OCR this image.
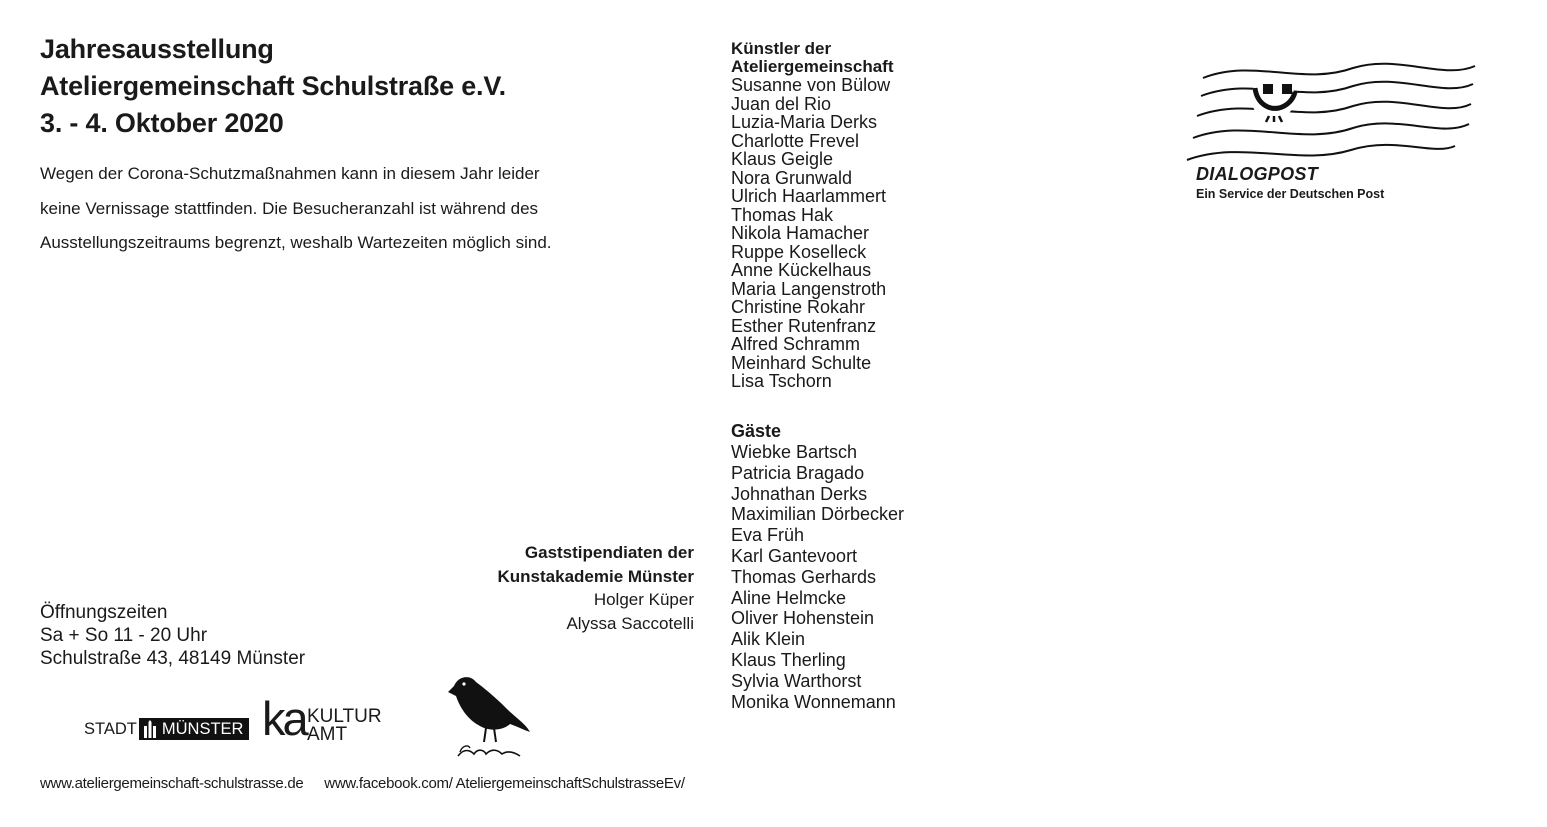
Jahresausstellung
Ateliergemeinschaft Schulstraße e.V.
3. - 4. Oktober 2020

Wegen der Corona-Schutzmaßnahmen kann in diesem Jahr leider
keine Vernissage stattfinden. Die Besucheranzahl ist während des
Ausstellungszeitraums begrenzt, weshalb Wartezeiten möglich sind.

Öffnungszeiten
Sa + So 11 - 20 Uhr
Schulstraße 43, 48149 Münster
Gaststipendiaten der
Kunstakademie Münster
Holger Küper
Alyssa Saccotelli
Künstler der
Ateliergemeinschaft
Susanne von Bülow
Juan del Rio
Luzia-Maria Derks
Charlotte Frevel
Klaus Geigle
Nora Grunwald
Ulrich Haarlammert
Thomas Hak
Nikola Hamacher
Ruppe Koselleck
Anne Kückelhaus
Maria Langenstroth
Christine Rokahr
Esther Rutenfranz
Alfred Schramm
Meinhard Schulte
Lisa Tschorn
Gäste
Wiebke Bartsch
Patricia Bragado
Johnathan Derks
Maximilian Dörbecker
Eva Früh
Karl Gantevoort
Thomas Gerhards
Aline Helmcke
Oliver Hohenstein
Alik Klein
Klaus Therling
Sylvia Warthorst
Monika Wonnemann
STADT MÜNSTER ka KULTUR
AMT
DIALOGPOST
Ein Service der Deutschen Post
www.ateliergemeinschaft-schulstrasse.de www.facebook.com/ AteliergemeinschaftSchulstrasseEv/
